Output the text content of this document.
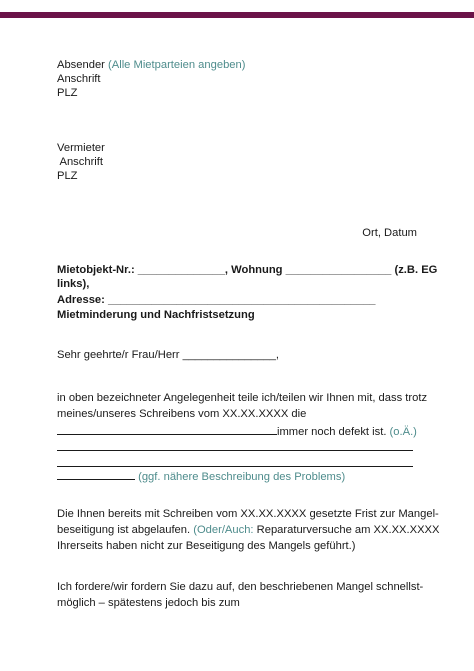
Absender (Alle Mietparteien angeben)
Anschrift
PLZ
Vermieter
Anschrift
PLZ
Ort, Datum
Mietobjekt-Nr.: ______________, Wohnung _________________ (z.B. EG
links),
Adresse: ___________________________________________
Mietminderung und Nachfristsetzung
Sehr geehrte/r Frau/Herr _______________,
in oben bezeichneter Angelegenheit teile ich/teilen wir Ihnen mit, dass trotz
meines/unseres Schreibens vom XX.XX.XXXX die
immer noch defekt ist. (o.Ä.)
(ggf. nähere Beschreibung des Problems)
Die Ihnen bereits mit Schreiben vom XX.XX.XXXX gesetzte Frist zur Mangel-
beseitigung ist abgelaufen. (Oder/Auch: Reparaturversuche am XX.XX.XXXX
Ihrerseits haben nicht zur Beseitigung des Mangels geführt.)
Ich fordere/wir fordern Sie dazu auf, den beschriebenen Mangel schnellst-
möglich – spätestens jedoch bis zum
